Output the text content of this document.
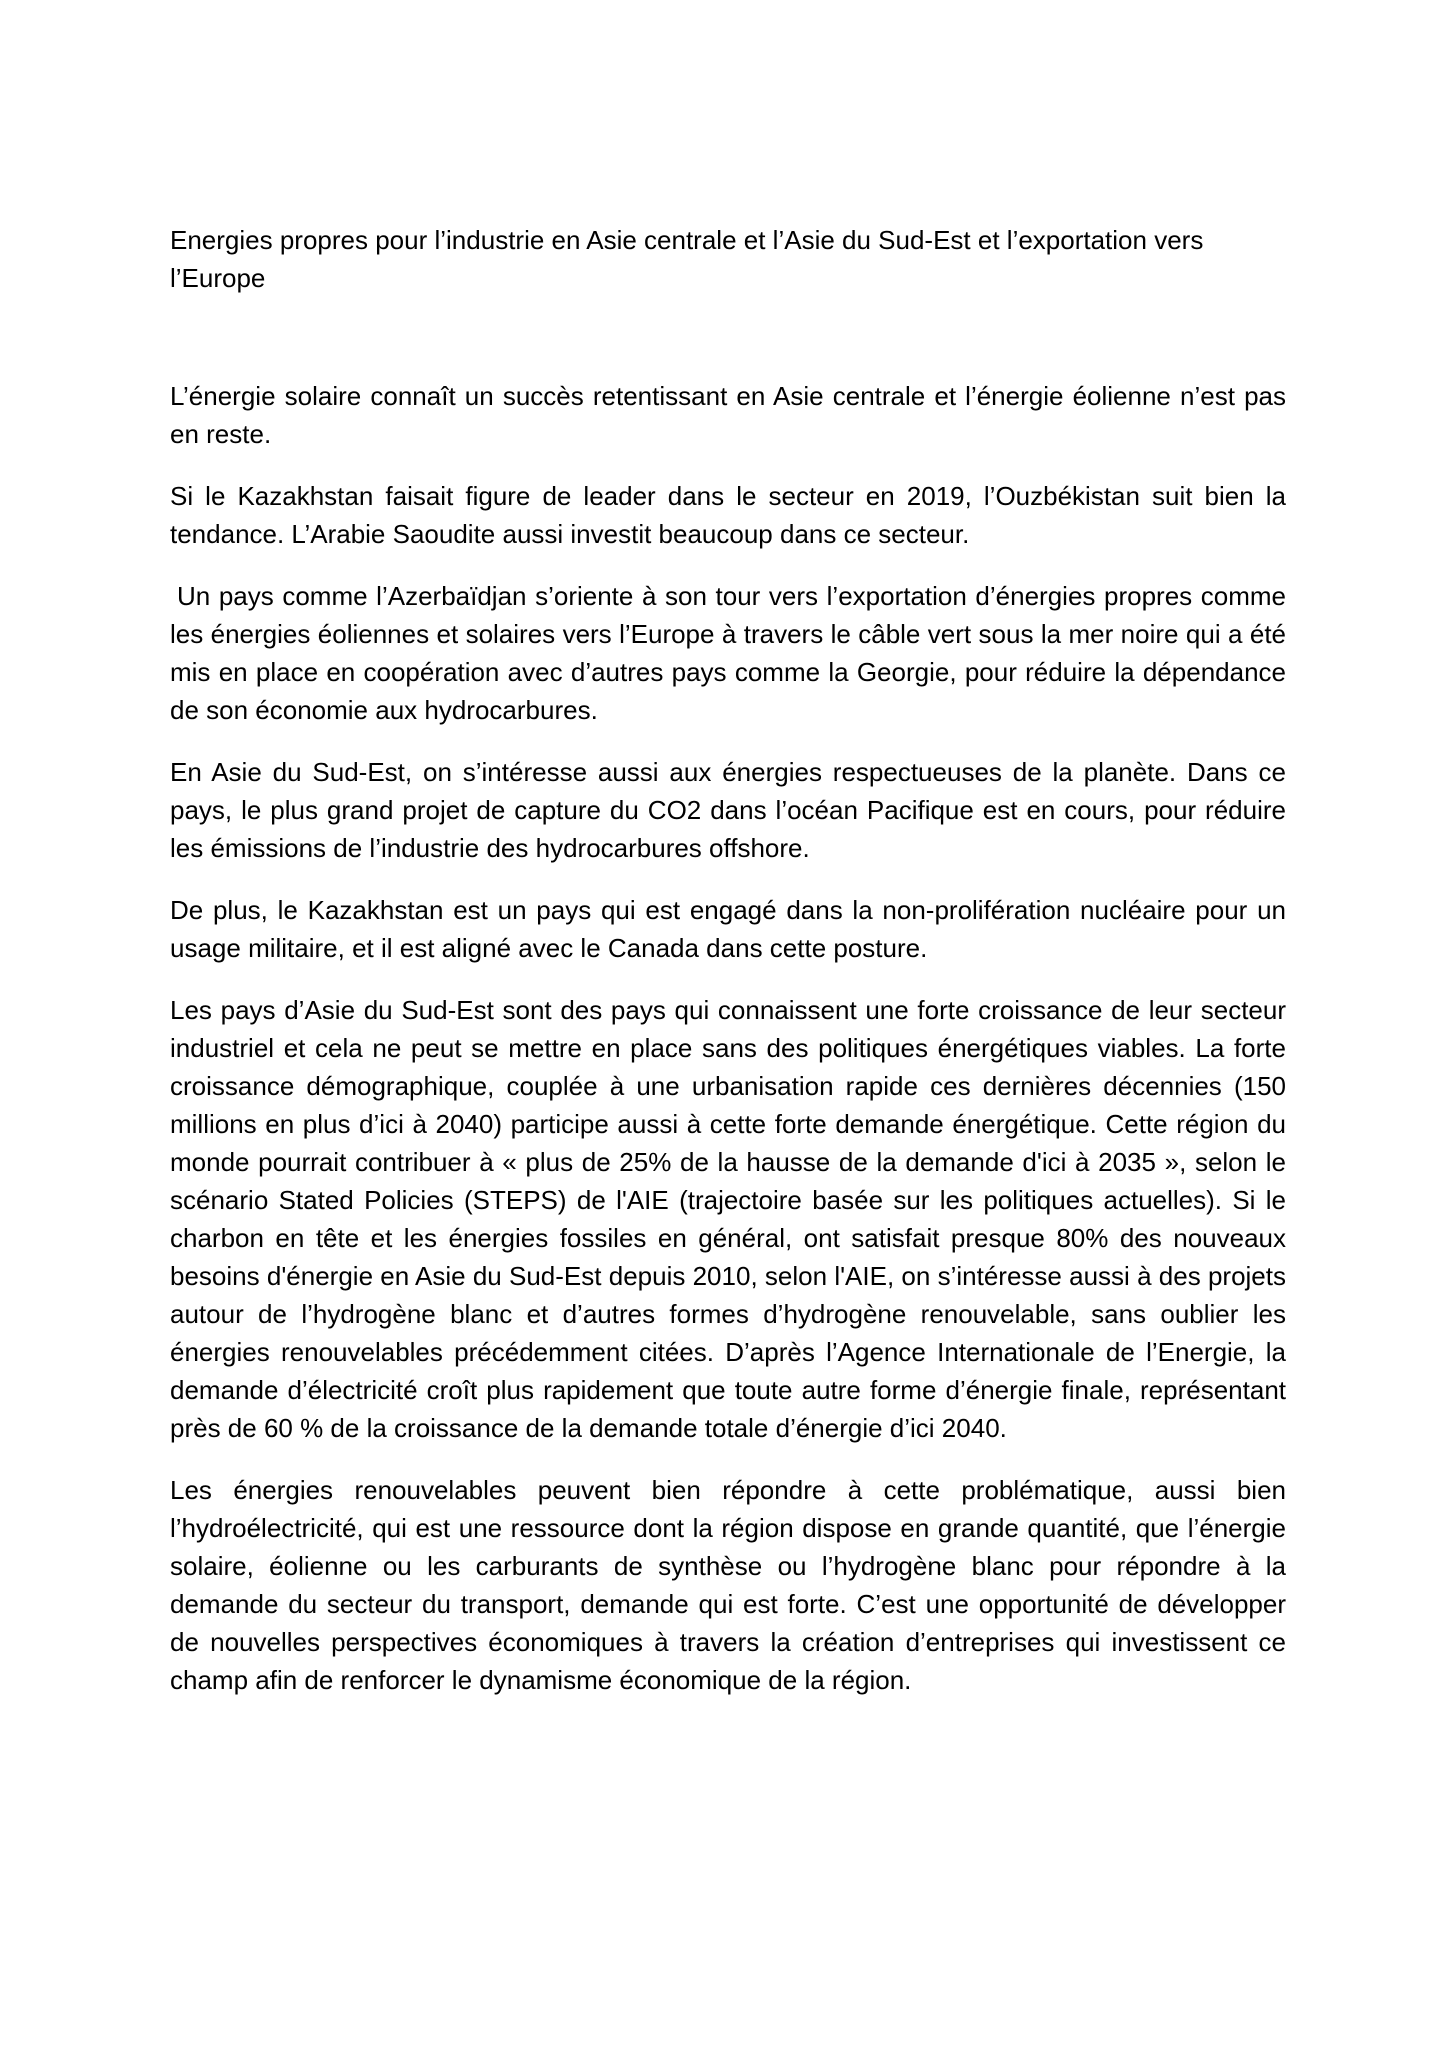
Energies propres pour l’industrie en Asie centrale et l’Asie du Sud-Est et l’exportation vers l’Europe

L’énergie solaire connaît un succès retentissant en Asie centrale et l’énergie éolienne n’est pas en reste.

Si le Kazakhstan faisait figure de leader dans le secteur en 2019, l’Ouzbékistan suit bien la tendance. L’Arabie Saoudite aussi investit beaucoup dans ce secteur.

Un pays comme l’Azerbaïdjan s’oriente à son tour vers l’exportation d’énergies propres comme les énergies éoliennes et solaires vers l’Europe à travers le câble vert sous la mer noire qui a été mis en place en coopération avec d’autres pays comme la Georgie, pour réduire la dépendance de son économie aux hydrocarbures.

En Asie du Sud-Est, on s’intéresse aussi aux énergies respectueuses de la planète. Dans ce pays, le plus grand projet de capture du CO2 dans l’océan Pacifique est en cours, pour réduire les émissions de l’industrie des hydrocarbures offshore.

De plus, le Kazakhstan est un pays qui est engagé dans la non-prolifération nucléaire pour un usage militaire, et il est aligné avec le Canada dans cette posture.

Les pays d’Asie du Sud-Est sont des pays qui connaissent une forte croissance de leur secteur industriel et cela ne peut se mettre en place sans des politiques énergétiques viables. La forte croissance démographique, couplée à une urbanisation rapide ces dernières décennies (150 millions en plus d’ici à 2040) participe aussi à cette forte demande énergétique. Cette région du monde pourrait contribuer à « plus de 25% de la hausse de la demande d'ici à 2035 », selon le scénario Stated Policies (STEPS) de l'AIE (trajectoire basée sur les politiques actuelles). Si le charbon en tête et les énergies fossiles en général, ont satisfait presque 80% des nouveaux besoins d'énergie en Asie du Sud-Est depuis 2010, selon l'AIE, on s’intéresse aussi à des projets autour de l’hydrogène blanc et d’autres formes d’hydrogène renouvelable, sans oublier les énergies renouvelables précédemment citées. D’après l’Agence Internationale de l’Energie, la demande d’électricité croît plus rapidement que toute autre forme d’énergie finale, représentant près de 60 % de la croissance de la demande totale d’énergie d’ici 2040.

Les énergies renouvelables peuvent bien répondre à cette problématique, aussi bien l’hydroélectricité, qui est une ressource dont la région dispose en grande quantité, que l’énergie solaire, éolienne ou les carburants de synthèse ou l’hydrogène blanc pour répondre à la demande du secteur du transport, demande qui est forte. C’est une opportunité de développer de nouvelles perspectives économiques à travers la création d’entreprises qui investissent ce champ afin de renforcer le dynamisme économique de la région.
